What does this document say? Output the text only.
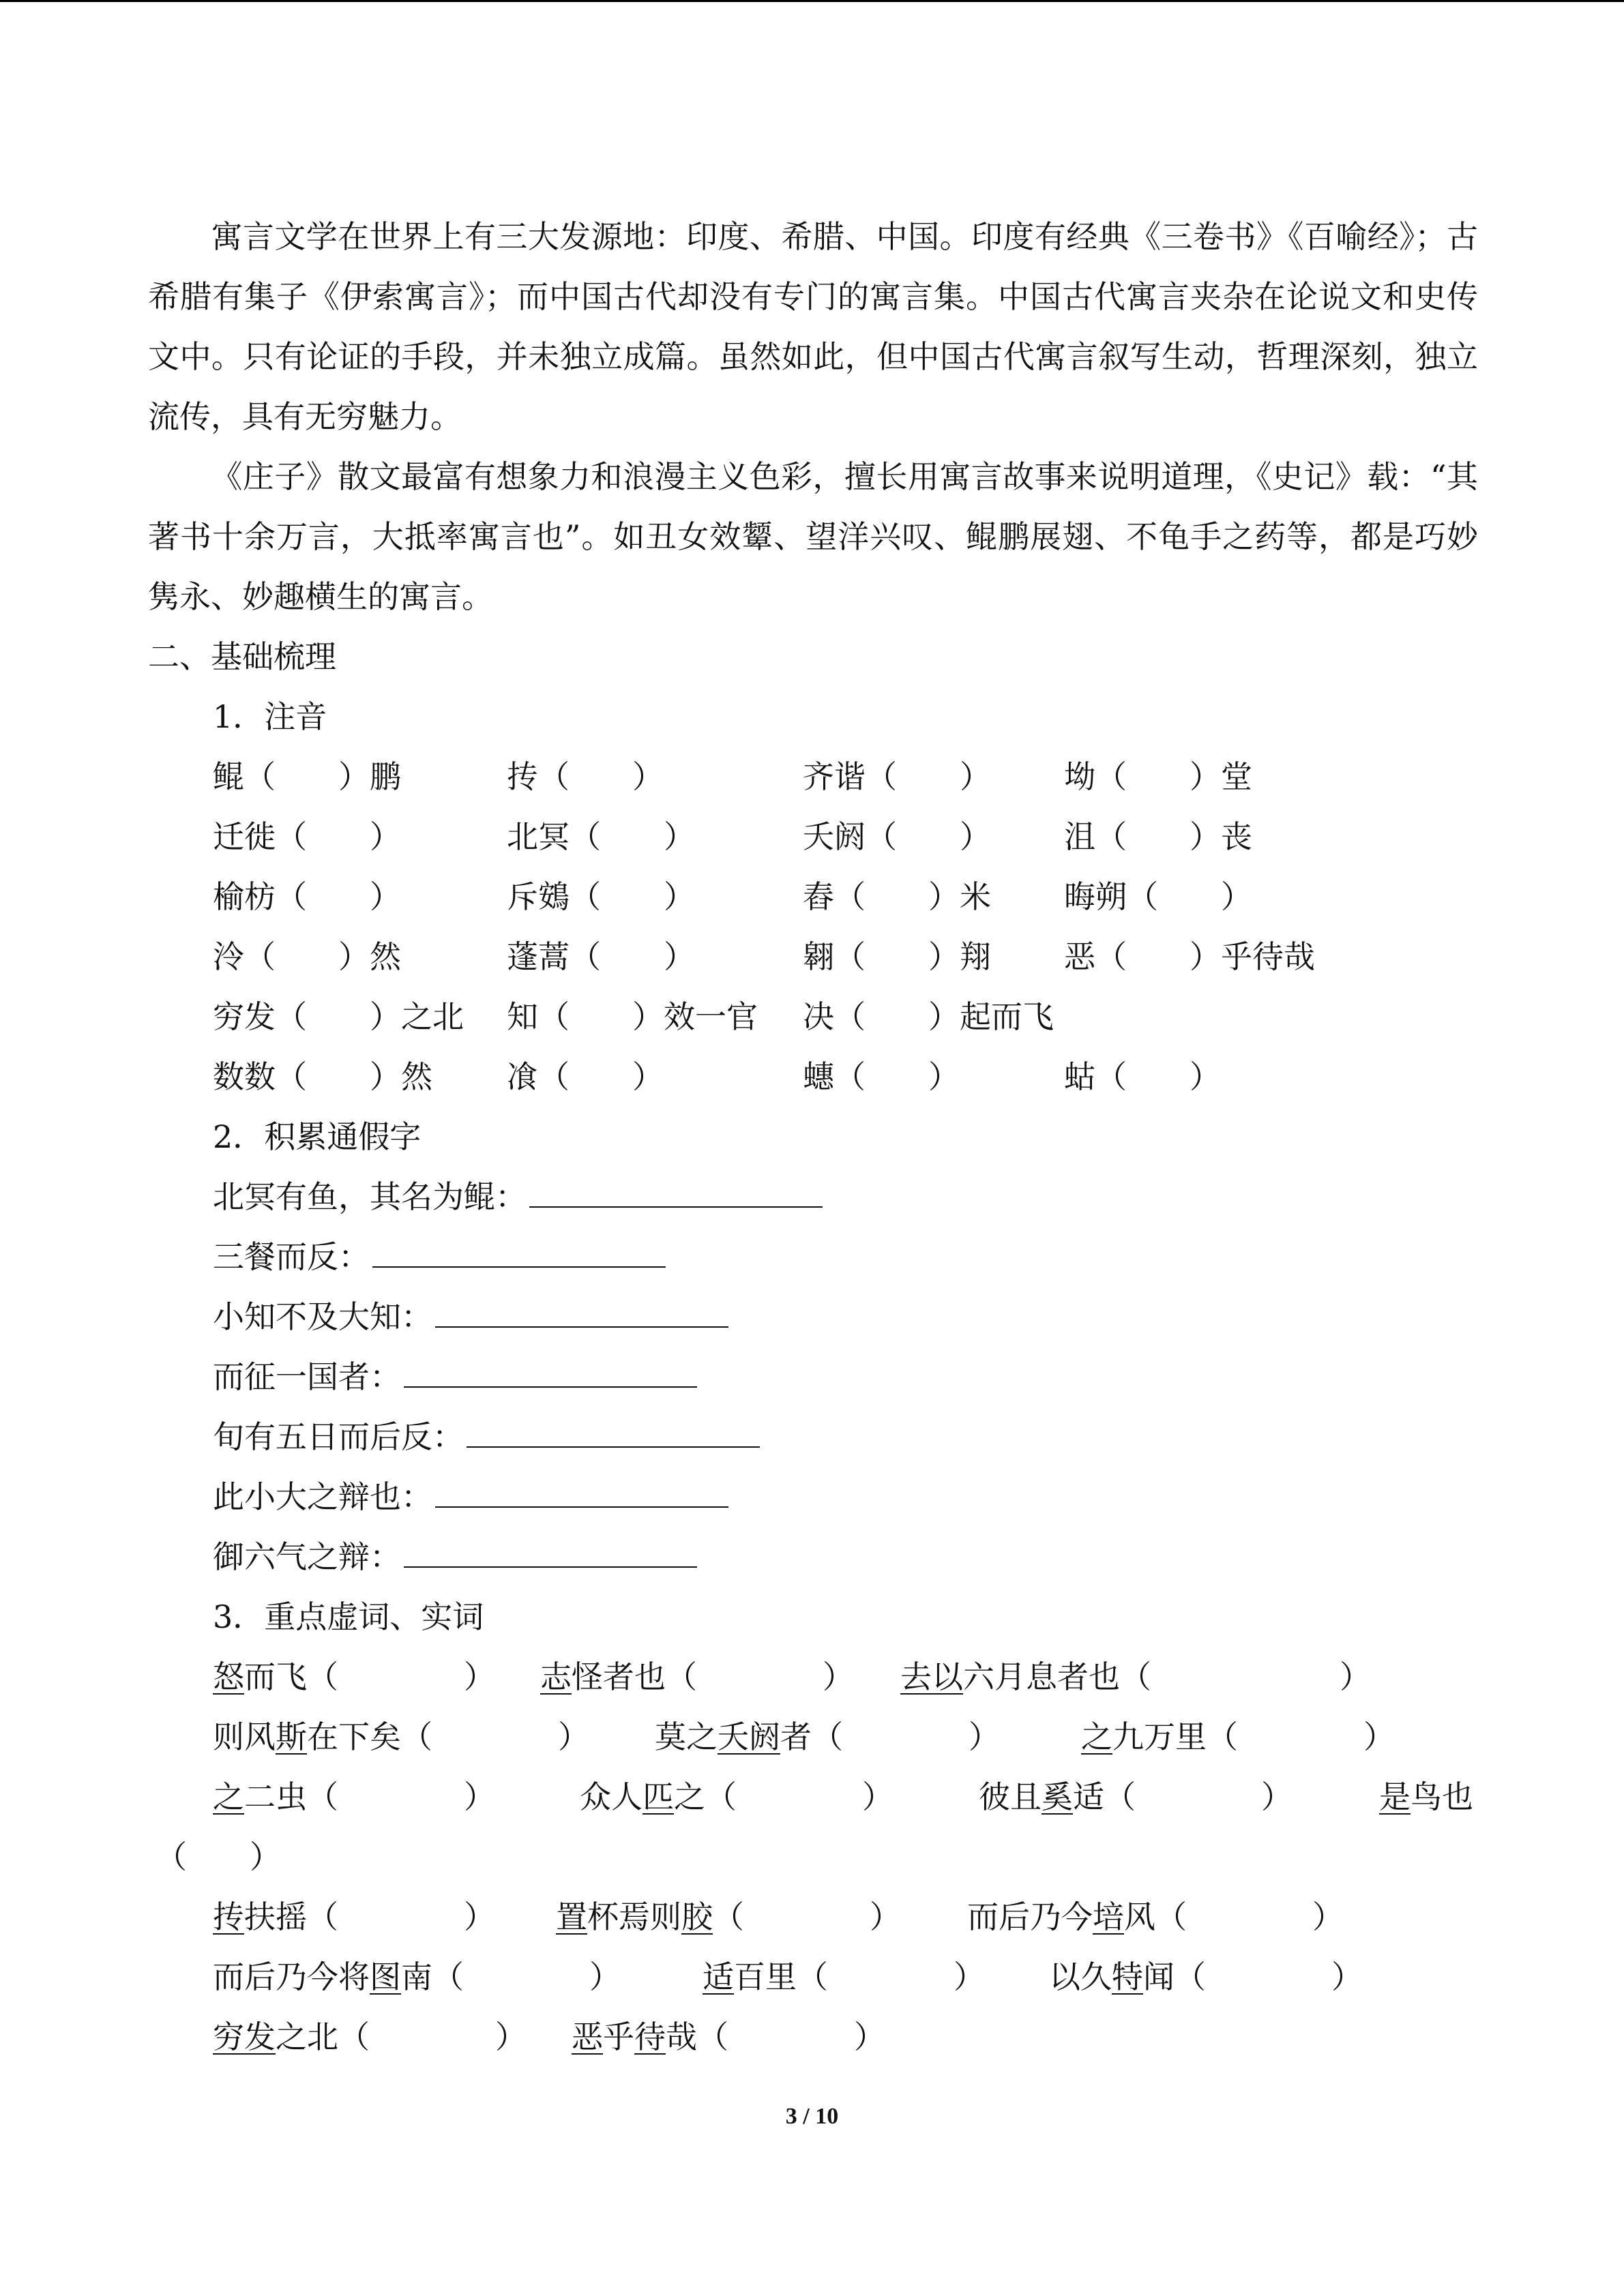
寓言文学在世界上有三大发源地：印度、希腊、中国。印度有经典《三卷书》《百喻经》；古希腊有集子《伊索寓言》；而中国古代却没有专门的寓言集。中国古代寓言夹杂在论说文和史传文中。只有论证的手段，并未独立成篇。虽然如此，但中国古代寓言叙写生动，哲理深刻，独立流传，具有无穷魅力。

《庄子》散文最富有想象力和浪漫主义色彩，擅长用寓言故事来说明道理，《史记》载：“其著书十余万言，大抵率寓言也”。如丑女效颦、望洋兴叹、鲲鹏展翅、不龟手之药等，都是巧妙隽永、妙趣横生的寓言。

二、基础梳理
1．注音
鲲（　　）鹏	抟（　　）	齐谐（　　） 坳（　　）堂
迁徙（　　）	北冥（　　）	夭阏（　　） 沮（　　）丧
榆枋（　　）	斥鴳（　　）	舂（　　）米 晦朔（　　）
泠（　　）然	蓬蒿（　　）	翱（　　）翔 恶（　　）乎待哉
穷发（　　）之北 知（　　）效一官 决（　　）起而飞
数数（　　）然 飡（　　）	蟪（　　）	蛄（　　）
2．积累通假字
北冥有鱼，其名为鲲：
三餐而反：
小知不及大知：
而征一国者：
旬有五日而后反：
此小大之辩也：
御六气之辩：
3．重点虚词、实词
怒而飞（　　　　） 志怪者也（　　　　） 去以六月息者也（　　　　　　）
则风斯在下矣（　　　　） 莫之夭阏者（　　　　）	之九万里（　　　　）
之二虫（　　　　）	众人匹之（　　　　）	彼且奚适（　　　　）	是鸟也
（　　）
抟扶摇（　　　　） 置杯焉则胶（　　　　） 而后乃今培风（　　　　）
而后乃今将图南（　　　　）	适百里（　　　　） 以久特闻（　　　　）
穷发之北（　　　　） 恶乎待哉（　　　　）
3 / 10
